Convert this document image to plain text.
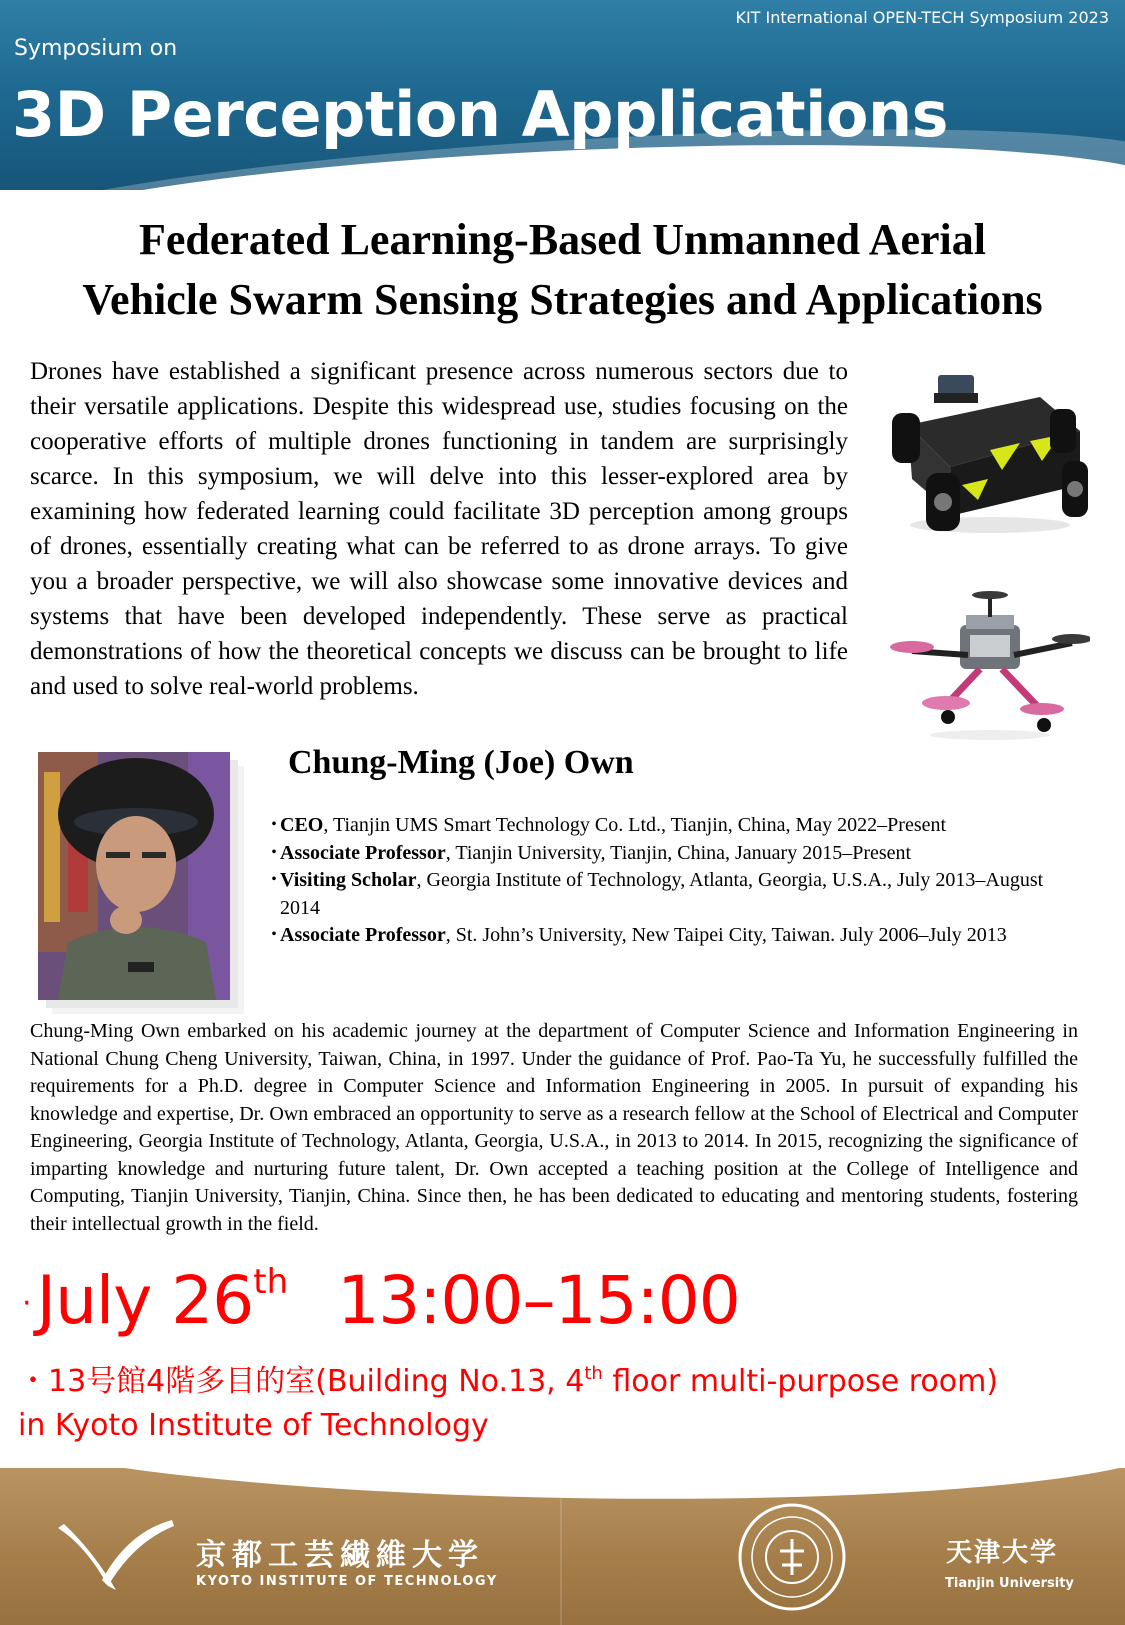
KIT International OPEN-TECH Symposium 2023
Symposium on
3D Perception Applications
Federated Learning-Based Unmanned Aerial
Vehicle Swarm Sensing Strategies and Applications
Drones have established a significant presence across numerous sectors due to their versatile applications. Despite this widespread use, studies focusing on the cooperative efforts of multiple drones functioning in tandem are surprisingly scarce. In this symposium, we will delve into this lesser-explored area by examining how federated learning could facilitate 3D perception among groups of drones, essentially creating what can be referred to as drone arrays. To give you a broader perspective, we will also showcase some innovative devices and systems that have been developed independently. These serve as practical demonstrations of how the theoretical concepts we discuss can be brought to life and used to solve real-world problems.
Chung-Ming (Joe) Own
・CEO, Tianjin UMS Smart Technology Co. Ltd., Tianjin, China, May 2022–Present
・Associate Professor, Tianjin University, Tianjin, China, January 2015–Present
・Visiting Scholar, Georgia Institute of Technology, Atlanta, Georgia, U.S.A., July 2013–August 2014
・Associate Professor, St. John’s University, New Taipei City, Taiwan. July 2006–July 2013
Chung-Ming Own embarked on his academic journey at the department of Computer Science and Information Engineering in National Chung Cheng University, Taiwan, China, in 1997. Under the guidance of Prof. Pao-Ta Yu, he successfully fulfilled the requirements for a Ph.D. degree in Computer Science and Information Engineering in 2005. In pursuit of expanding his knowledge and expertise, Dr. Own embraced an opportunity to serve as a research fellow at the School of Electrical and Computer Engineering, Georgia Institute of Technology, Atlanta, Georgia, U.S.A., in 2013 to 2014. In 2015, recognizing the significance of imparting knowledge and nurturing future talent, Dr. Own accepted a teaching position at the College of Intelligence and Computing, Tianjin University, Tianjin, China. Since then, he has been dedicated to educating and mentoring students, fostering their intellectual growth in the field.
· July 26th 13:00–15:00
・13号館4階多目的室(Building No.13, 4th floor multi-purpose room)
in Kyoto Institute of Technology
京都工芸繊維大学
KYOTO INSTITUTE OF TECHNOLOGY
天津大学
Tianjin University
